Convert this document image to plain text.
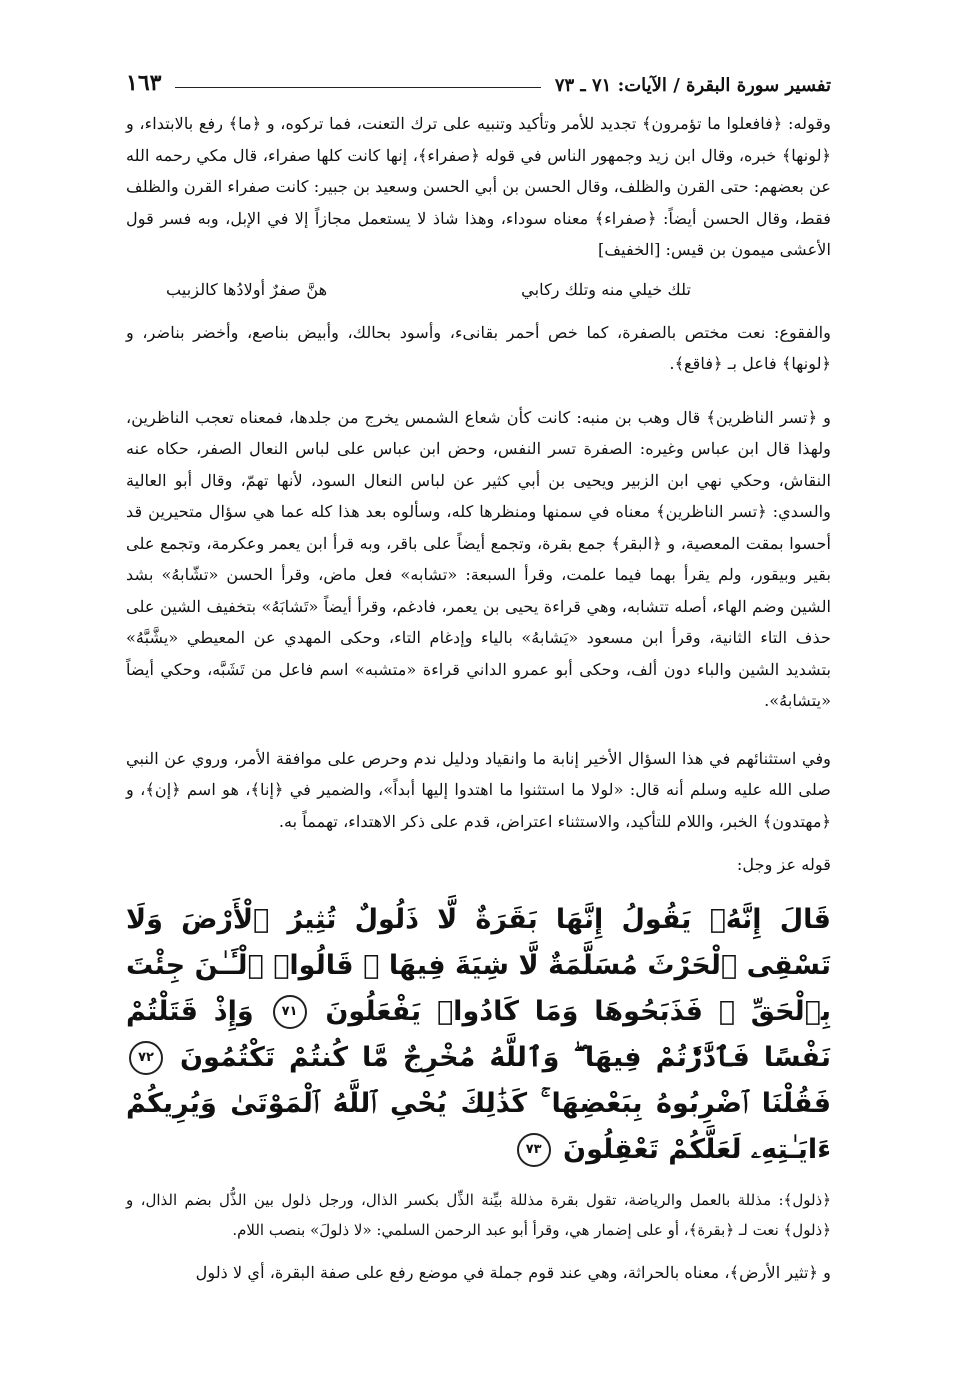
تفسير سورة البقرة / الآيات: ٧١ ـ ٧٣
١٦٣

وقوله: ﴿فافعلوا ما تؤمرون﴾ تجديد للأمر وتأكيد وتنبيه على ترك التعنت، فما تركوه، و ﴿ما﴾ رفع بالابتداء، و ﴿لونها﴾ خبره، وقال ابن زيد وجمهور الناس في قوله ﴿صفراء﴾، إنها كانت كلها صفراء، قال مكي رحمه الله عن بعضهم: حتى القرن والظلف، وقال الحسن بن أبي الحسن وسعيد بن جبير: كانت صفراء القرن والظلف فقط، وقال الحسن أيضاً: ﴿صفراء﴾ معناه سوداء، وهذا شاذ لا يستعمل مجازاً إلا في الإبل، وبه فسر قول الأعشى ميمون بن قيس: [الخفيف]

تلك خيلي منه وتلك ركابي
هنَّ صفرٌ أولادُها كالزبيب

والفقوع: نعت مختص بالصفرة، كما خص أحمر بقانىء، وأسود بحالك، وأبيض بناصع، وأخضر بناضر، و ﴿لونها﴾ فاعل بـ ﴿فاقع﴾.

و ﴿تسر الناظرين﴾ قال وهب بن منبه: كانت كأن شعاع الشمس يخرج من جلدها، فمعناه تعجب الناظرين، ولهذا قال ابن عباس وغيره: الصفرة تسر النفس، وحض ابن عباس على لباس النعال الصفر، حكاه عنه النقاش، وحكي نهي ابن الزبير ويحيى بن أبي كثير عن لباس النعال السود، لأنها تهمّ، وقال أبو العالية والسدي: ﴿تسر الناظرين﴾ معناه في سمنها ومنظرها كله، وسألوه بعد هذا كله عما هي سؤال متحيرين قد أحسوا بمقت المعصية، و ﴿البقر﴾ جمع بقرة، وتجمع أيضاً على باقر، وبه قرأ ابن يعمر وعكرمة، وتجمع على بقير وبيقور، ولم يقرأ بهما فيما علمت، وقرأ السبعة: «تشابه» فعل ماض، وقرأ الحسن «تشّابهُ» بشد الشين وضم الهاء، أصله تتشابه، وهي قراءة يحيى بن يعمر، فادغم، وقرأ أيضاً «تَشابَهُ» بتخفيف الشين على حذف التاء الثانية، وقرأ ابن مسعود «يَشابهُ» بالياء وإدغام التاء، وحكى المهدي عن المعيطي «يشَّبَّهُ» بتشديد الشين والباء دون ألف، وحكى أبو عمرو الداني قراءة «متشبه» اسم فاعل من تَشَبَّه، وحكي أيضاً «يتشابهُ».

وفي استثنائهم في هذا السؤال الأخير إنابة ما وانقياد ودليل ندم وحرص على موافقة الأمر، وروي عن النبي صلى الله عليه وسلم أنه قال: «لولا ما استثنوا ما اهتدوا إليها أبداً»، والضمير في ﴿إنا﴾، هو اسم ﴿إن﴾، و ﴿مهتدون﴾ الخبر، واللام للتأكيد، والاستثناء اعتراض، قدم على ذكر الاهتداء، تهمماً به.

قوله عز وجل:

قَالَ إِنَّهُۥ يَقُولُ إِنَّهَا بَقَرَةٌ لَّا ذَلُولٌ تُثِيرُ ٱلْأَرْضَ وَلَا تَسْقِى ٱلْحَرْثَ مُسَلَّمَةٌ لَّا شِيَةَ فِيهَا ۚ قَالُوا۟ ٱلْـَٔـٰنَ جِئْتَ بِٱلْحَقِّ ۚ فَذَبَحُوهَا وَمَا كَادُوا۟ يَفْعَلُونَ ٧١ وَإِذْ قَتَلْتُمْ نَفْسًا فَٱدَّٰرَْٰٔتُمْ فِيهَا ۖ وَٱللَّهُ مُخْرِجٌ مَّا كُنتُمْ تَكْتُمُونَ ٧٢ فَقُلْنَا ٱضْرِبُوهُ بِبَعْضِهَا ۚ كَذَٰلِكَ يُحْىِ ٱللَّهُ ٱلْمَوْتَىٰ وَيُرِيكُمْ ءَايَـٰتِهِۦ لَعَلَّكُمْ تَعْقِلُونَ ٧٣

﴿ذلول﴾: مذللة بالعمل والرياضة، تقول بقرة مذللة بيِّنة الذِّل بكسر الذال، ورجل ذلول بين الذُّل بضم الذال، و ﴿ذلول﴾ نعت لـ ﴿بقرة﴾، أو على إضمار هي، وقرأ أبو عبد الرحمن السلمي: «لا ذلولَ» بنصب اللام.

و ﴿تثير الأرض﴾، معناه بالحراثة، وهي عند قوم جملة في موضع رفع على صفة البقرة، أي لا ذلول
